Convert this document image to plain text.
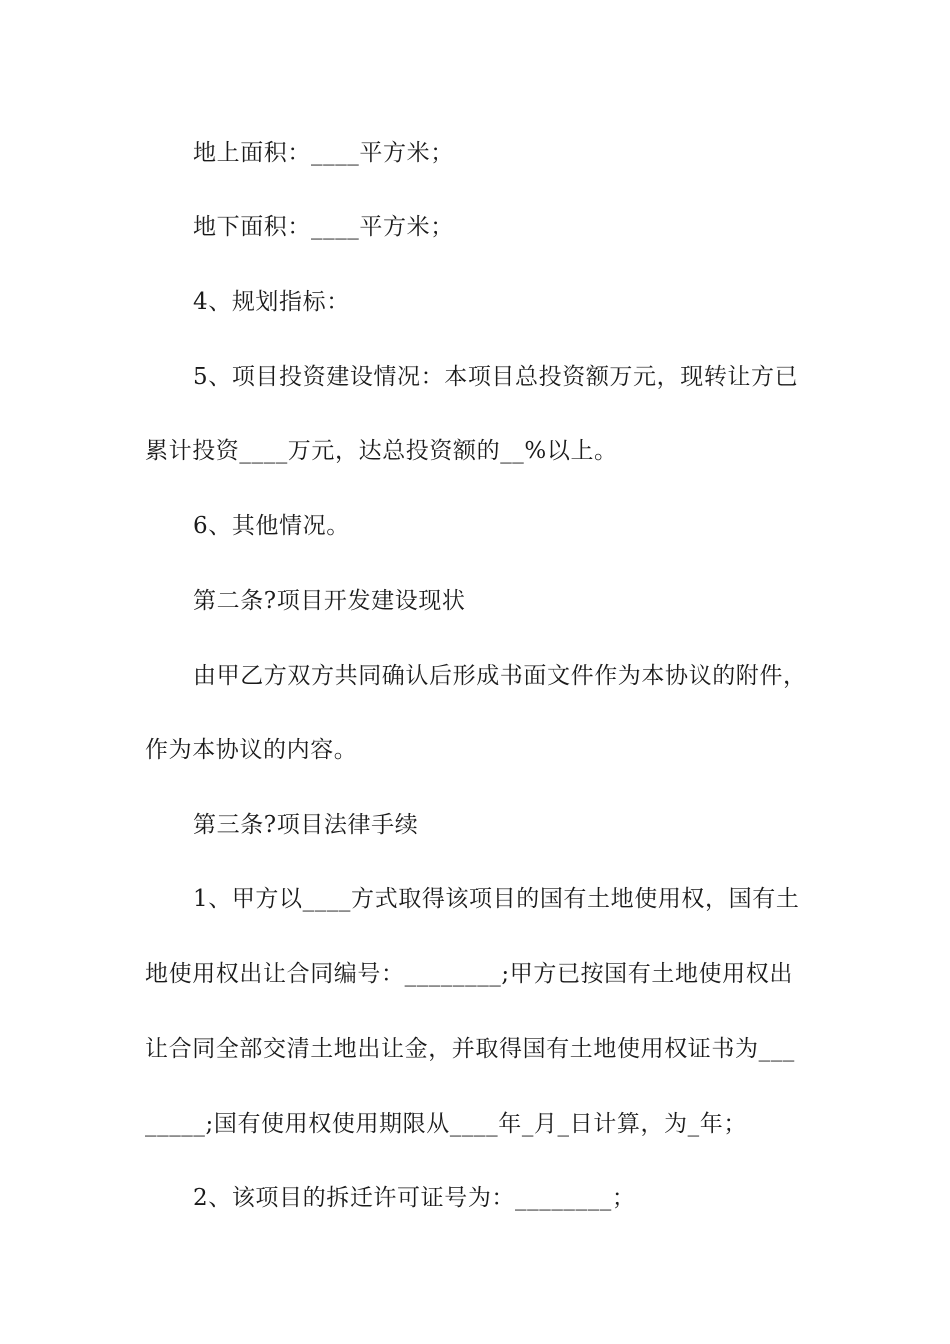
地上面积：____平方米；
地下面积：____平方米；
4、规划指标：
5、项目投资建设情况：本项目总投资额万元，现转让方已
累计投资____万元，达总投资额的__%以上。
6、其他情况。
第二条?项目开发建设现状
由甲乙方双方共同确认后形成书面文件作为本协议的附件，
作为本协议的内容。
第三条?项目法律手续
1、甲方以____方式取得该项目的国有土地使用权，国有土
地使用权出让合同编号：________;甲方已按国有土地使用权出
让合同全部交清土地出让金，并取得国有土地使用权证书为___
_____;国有使用权使用期限从____年_月_日计算，为_年；
2、该项目的拆迁许可证号为：________；
